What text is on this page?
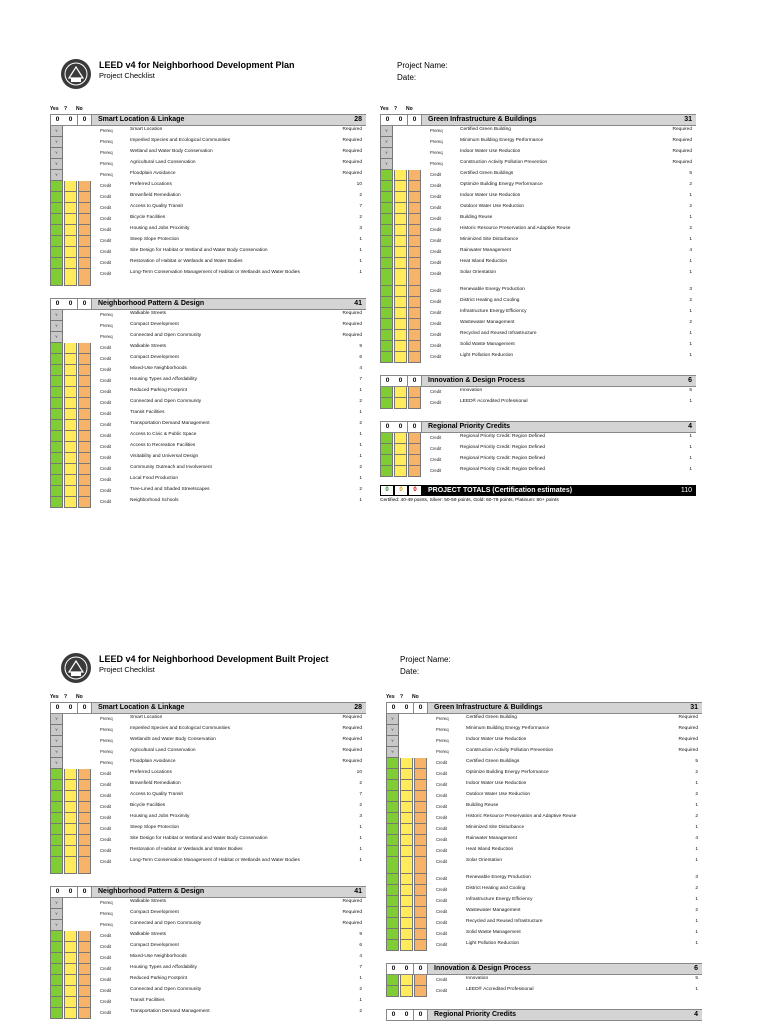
LEED v4 for Neighborhood Development Plan
Project Checklist
Project Name:
Date:
Yes ? No
0	0	0	Smart Location & Linkage	28
Y	Prereq	Smart Location	Required
Y	Prereq	Imperiled Species and Ecological Communities	Required
Y	Prereq	Wetland and Water Body Conservation	Required
Y	Prereq	Agricultural Land Conservation	Required
Y	Prereq	Floodplain Avoidance	Required
Credit	Preferred Locations	10
Credit	Brownfield Remediation	2
Credit	Access to Quality Transit	7
Credit	Bicycle Facilities	2
Credit	Housing and Jobs Proximity	3
Credit	Steep Slope Protection	1
Credit	Site Design for Habitat or Wetland and Water Body Conservation	1
Credit	Restoration of Habitat or Wetlands and Water Bodies	1
Credit	Long-Term Conservation Management of Habitat or Wetlands and Water Bodies	1
0	0	0	Neighborhood Pattern & Design	41
Y	Prereq	Walkable Streets	Required
Y	Prereq	Compact Development	Required
Y	Prereq	Connected and Open Community	Required
Credit	Walkable Streets	9
Credit	Compact Development	6
Credit	Mixed-Use Neighborhoods	4
Credit	Housing Types and Affordability	7
Credit	Reduced Parking Footprint	1
Credit	Connected and Open Community	2
Credit	Transit Facilities	1
Credit	Transportation Demand Management	2
Credit	Access to Civic & Public Space	1
Credit	Access to Recreation Facilities	1
Credit	Visitability and Universal Design	1
Credit	Community Outreach and Involvement	2
Credit	Local Food Production	1
Credit	Tree-Lined and Shaded Streetscapes	2
Credit	Neighborhood Schools	1
Yes ? No
0	0	0	Green Infrastructure & Buildings	31
Y	Prereq	Certified Green Building	Required
Y	Prereq	Minimum Building Energy Performance	Required
Y	Prereq	Indoor Water Use Reduction	Required
Y	Prereq	Construction Activity Pollution Prevention	Required
Credit	Certified Green Buildings	5
Credit	Optimize Building Energy Performance	2
Credit	Indoor Water Use Reduction	1
Credit	Outdoor Water Use Reduction	2
Credit	Building Reuse	1
Credit	Historic Resource Preservation and Adaptive Reuse	2
Credit	Minimized Site Disturbance	1
Credit	Rainwater Management	4
Credit	Heat Island Reduction	1
Credit	Solar Orientation	1
Credit	Renewable Energy Production	3
Credit	District Heating and Cooling	2
Credit	Infrastructure Energy Efficiency	1
Credit	Wastewater Management	2
Credit	Recycled and Reused Infrastructure	1
Credit	Solid Waste Management	1
Credit	Light Pollution Reduction	1
0	0	0	Innovation & Design Process	6
Credit	Innovation	5
Credit	LEED® Accredited Professional	1
0	0	0	Regional Priority Credits	4
Credit	Regional Priority Credit: Region Defined	1
Credit	Regional Priority Credit: Region Defined	1
Credit	Regional Priority Credit: Region Defined	1
Credit	Regional Priority Credit: Region Defined	1
0	0	0	PROJECT TOTALS (Certification estimates)	110
Certified: 40-49 points, Silver: 50-59 points, Gold: 60-79 points, Platinum: 80+ points
LEED v4 for Neighborhood Development Built Project
Project Checklist
Project Name:
Date:
Yes ? No
0	0	0	Smart Location & Linkage	28
Y	Prereq	Smart Location	Required
Y	Prereq	Imperiled Species and Ecological Communities	Required
Y	Prereq	WetlandS and Water Body Conservation	Required
Y	Prereq	Agricultural Land Conservation	Required
Y	Prereq	Floodplain Avoidance	Required
Credit	Preferred Locations	10
Credit	Brownfield Remediation	2
Credit	Access to Quality Transit	7
Credit	Bicycle Facilities	2
Credit	Housing and Jobs Proximity	3
Credit	Steep Slope Protection	1
Credit	Site Design for Habitat or Wetland and Water Body Conservation	1
Credit	Restoration of Habitat or Wetlands and Water Bodies	1
Credit	Long-Term Conservation Management of Habitat or Wetlands and Water Bodies	1
0	0	0	Neighborhood Pattern & Design	41
Y	Prereq	Walkable Streets	Required
Y	Prereq	Compact Development	Required
Y	Prereq	Connected and Open Community	Required
Credit	Walkable Streets	9
Credit	Compact Development	6
Credit	Mixed-Use Neighborhoods	4
Credit	Housing Types and Affordability	7
Credit	Reduced Parking Footprint	1
Credit	Connected and Open Community	2
Credit	Transit Facilities	1
Credit	Transportation Demand Management	2
Yes ? No
0	0	0	Green Infrastructure & Buildings	31
Y	Prereq	Certified Green Building	Required
Y	Prereq	Minimum Building Energy Performance	Required
Y	Prereq	Indoor Water Use Reduction	Required
Y	Prereq	Construction Activity Pollution Prevention	Required
Credit	Certified Green Buildings	5
Credit	Optimize Building Energy Performance	2
Credit	Indoor Water Use Reduction	1
Credit	Outdoor Water Use Reduction	2
Credit	Building Reuse	1
Credit	Historic Resource Preservation and Adaptive Reuse	2
Credit	Minimized Site Disturbance	1
Credit	Rainwater Management	4
Credit	Heat Island Reduction	1
Credit	Solar Orientation	1
Credit	Renewable Energy Production	3
Credit	District Heating and Cooling	2
Credit	Infrastructure Energy Efficiency	1
Credit	Wastewater Management	2
Credit	Recycled and Reused Infrastructure	1
Credit	Solid Waste Management	1
Credit	Light Pollution Reduction	1
0	0	0	Innovation & Design Process	6
Credit	Innovation	5
Credit	LEED® Accredited Professional	1
0	0	0	Regional Priority Credits	4
